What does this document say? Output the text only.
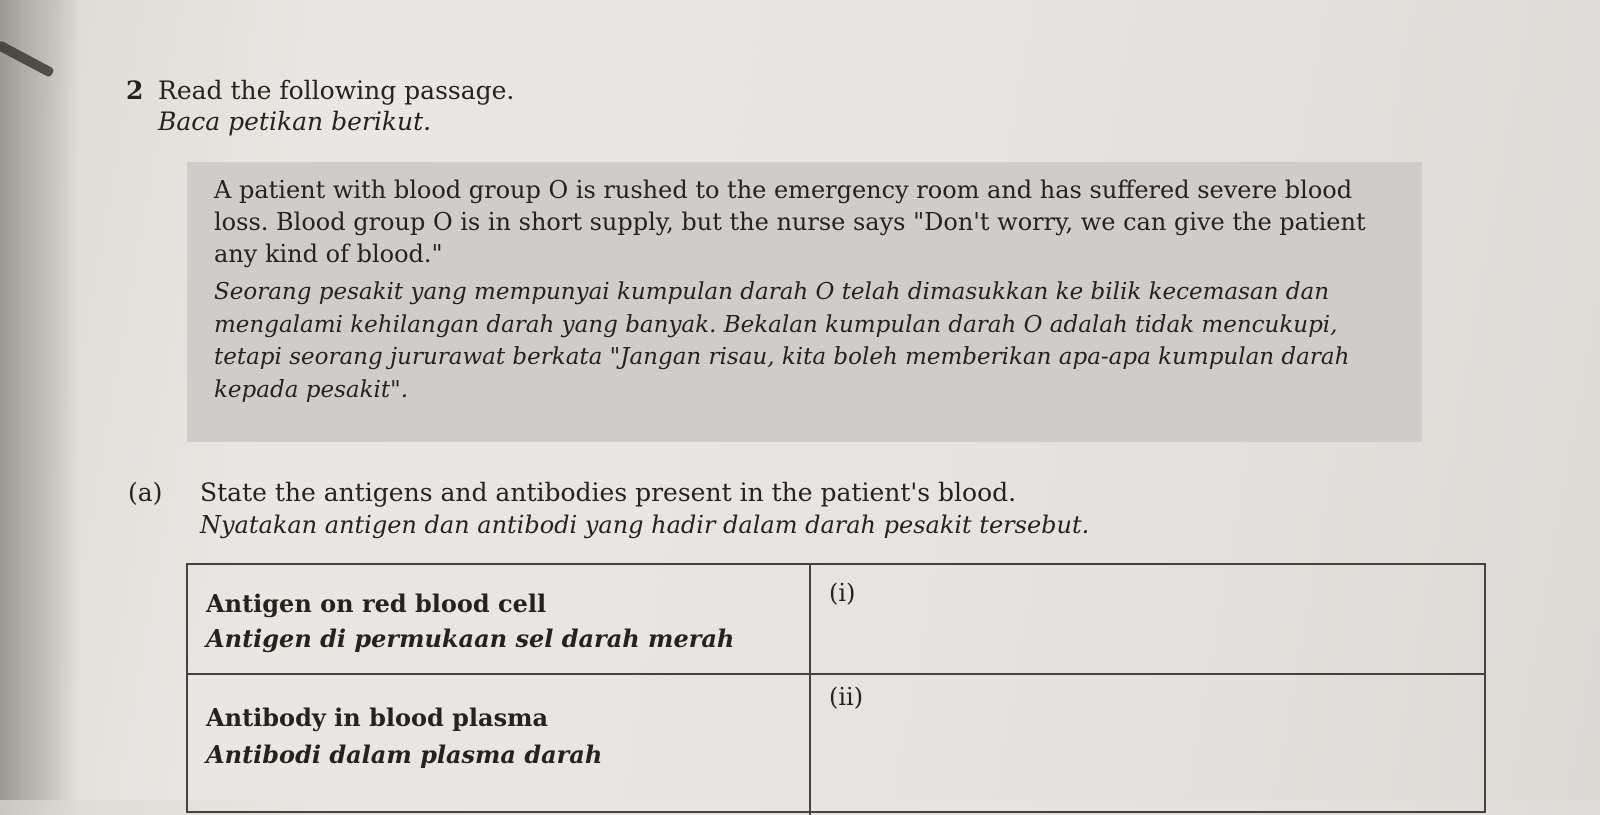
2 Read the following passage.
Baca petikan berikut.

A patient with blood group O is rushed to the emergency room and has suffered severe blood loss. Blood group O is in short supply, but the nurse says "Don't worry, we can give the patient any kind of blood."

Seorang pesakit yang mempunyai kumpulan darah O telah dimasukkan ke bilik kecemasan dan mengalami kehilangan darah yang banyak. Bekalan kumpulan darah O adalah tidak mencukupi, tetapi seorang jururawat berkata "Jangan risau, kita boleh memberikan apa-apa kumpulan darah kepada pesakit".

(a) State the antigens and antibodies present in the patient's blood.
Nyatakan antigen dan antibodi yang hadir dalam darah pesakit tersebut.
Antigen on red blood cell
Antigen di permukaan sel darah merah
(i)
Antibody in blood plasma
Antibodi dalam plasma darah
(ii)
